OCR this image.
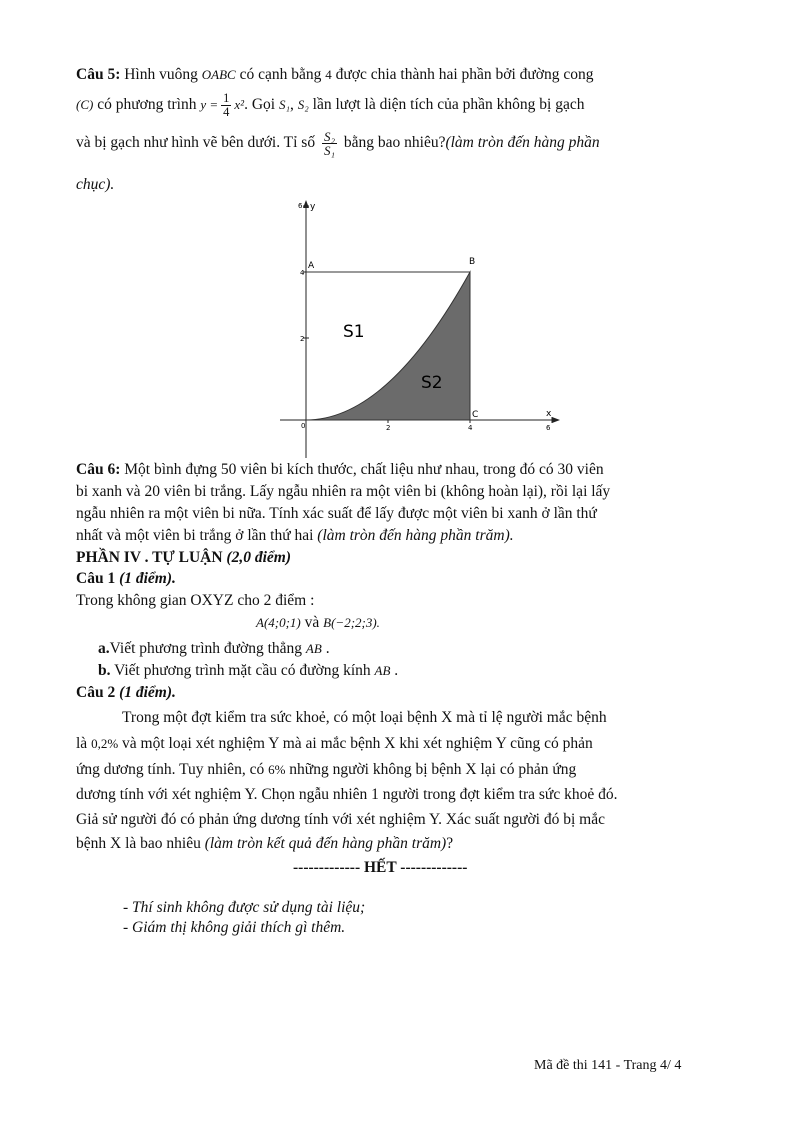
Câu 5: Hình vuông OABC có cạnh bằng 4 được chia thành hai phần bởi đường cong
(C) có phương trình $y = \frac{1}{4} x^2$. Gọi S₁, S₂ lần lượt là diện tích của phần không bị gạch
và bị gạch như hình vẽ bên dưới. Tỉ số $\frac{\text{S₂}}{\text{S₁}}$ bằng bao nhiêu?(làm tròn đến hàng phần
chục).
y
6
4
2
0	2	4	6
x
A	B
C
S1
S2
Câu 6: Một bình đựng 50 viên bi kích thước, chất liệu như nhau, trong đó có 30 viên
bi xanh và 20 viên bi trắng. Lấy ngẫu nhiên ra một viên bi (không hoàn lại), rồi lại lấy
ngẫu nhiên ra một viên bi nữa. Tính xác suất để lấy được một viên bi xanh ở lần thứ
nhất và một viên bi trắng ở lần thứ hai (làm tròn đến hàng phần trăm).
PHẦN IV . TỰ LUẬN (2,0 điểm)
Câu 1 (1 điểm).
Trong không gian OXYZ cho 2 điểm :
A(4;0;1) và B(−2;2;3).
a.Viết phương trình đường thẳng AB .
b. Viết phương trình mặt cầu có đường kính AB .
Câu 2 (1 điểm).
Trong một đợt kiểm tra sức khoẻ, có một loại bệnh X mà tỉ lệ người mắc bệnh
là 0,2% và một loại xét nghiệm Y mà ai mắc bệnh X khi xét nghiệm Y cũng có phản
ứng dương tính. Tuy nhiên, có 6% những người không bị bệnh X lại có phản ứng
dương tính với xét nghiệm Y. Chọn ngẫu nhiên 1 người trong đợt kiểm tra sức khoẻ đó.
Giả sử người đó có phản ứng dương tính với xét nghiệm Y. Xác suất người đó bị mắc
bệnh X là bao nhiêu (làm tròn kết quả đến hàng phần trăm)?
------------- HẾT -------------
- Thí sinh không được sử dụng tài liệu;
- Giám thị không giải thích gì thêm.
Mã đề thi 141 - Trang 4/ 4
